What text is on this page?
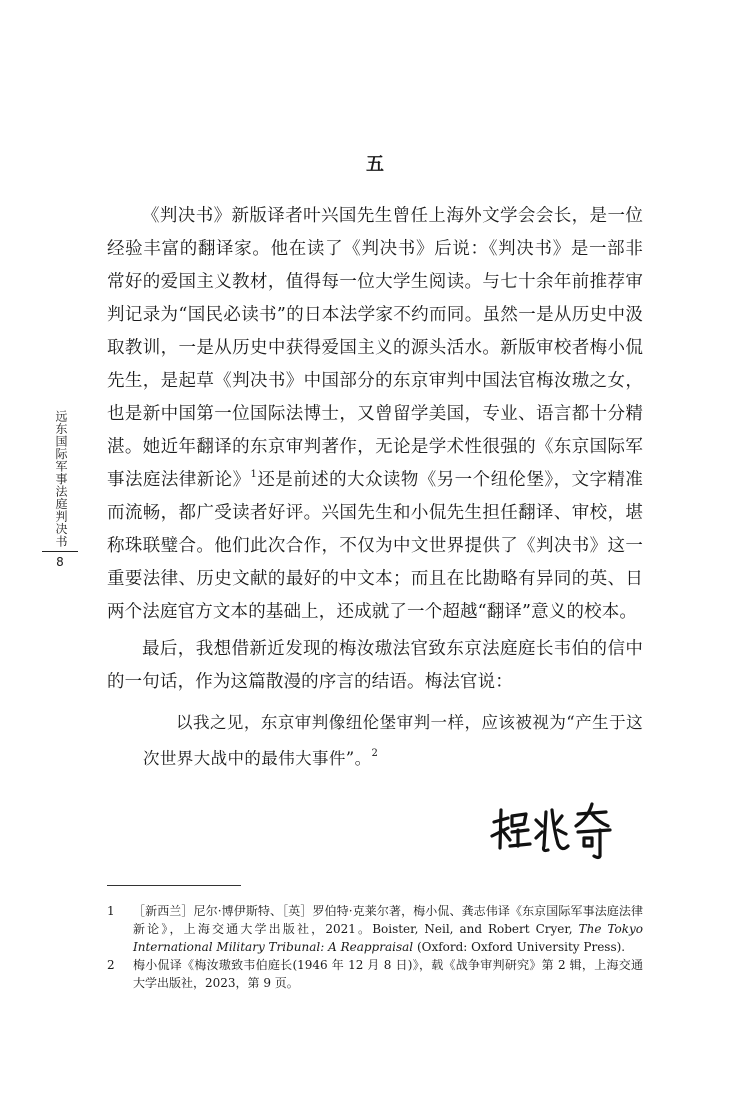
远东国际军事法庭判决书
8
五

《判决书》新版译者叶兴国先生曾任上海外文学会会长，是一位经验丰富的翻译家。他在读了《判决书》后说：《判决书》是一部非常好的爱国主义教材，值得每一位大学生阅读。与七十余年前推荐审判记录为“国民必读书”的日本法学家不约而同。虽然一是从历史中汲取教训，一是从历史中获得爱国主义的源头活水。新版审校者梅小侃先生，是起草《判决书》中国部分的东京审判中国法官梅汝璈之女，也是新中国第一位国际法博士，又曾留学美国，专业、语言都十分精湛。她近年翻译的东京审判著作，无论是学术性很强的《东京国际军事法庭法律新论》$^1$还是前述的大众读物《另一个纽伦堡》，文字精准而流畅，都广受读者好评。兴国先生和小侃先生担任翻译、审校，堪称珠联璧合。他们此次合作，不仅为中文世界提供了《判决书》这一重要法律、历史文献的最好的中文本；而且在比勘略有异同的英、日两个法庭官方文本的基础上，还成就了一个超越“翻译”意义的校本。

最后，我想借新近发现的梅汝璈法官致东京法庭庭长韦伯的信中的一句话，作为这篇散漫的序言的结语。梅法官说：

以我之见，东京审判像纽伦堡审判一样，应该被视为“产生于这次世界大战中的最伟大事件”。$^2$

1	［新西兰］尼尔·博伊斯特、［英］罗伯特·克莱尔著，梅小侃、龚志伟译《东京国际军事法庭法律新论》，上海交通大学出版社，2021。Boister, Neil, and Robert Cryer, The Tokyo International Military Tribunal: A Reappraisal (Oxford: Oxford University Press).
2	梅小侃译《梅汝璈致韦伯庭长(1946 年 12 月 8 日)》，载《战争审判研究》第 2 辑，上海交通大学出版社，2023，第 9 页。
